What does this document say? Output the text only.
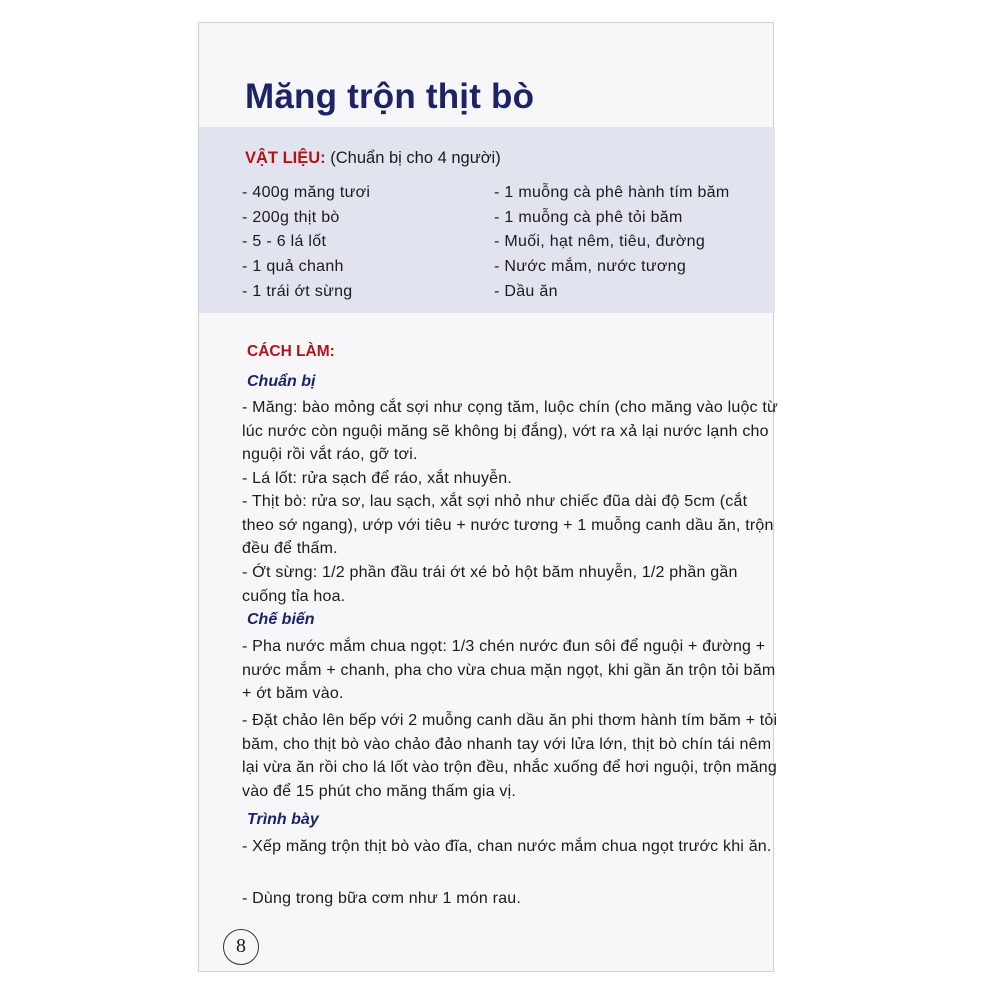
Măng trộn thịt bò
VẬT LIỆU: (Chuẩn bị cho 4 người)
- 400g măng tươi
- 200g thịt bò
- 5 - 6 lá lốt
- 1 quả chanh
- 1 trái ớt sừng
- 1 muỗng cà phê hành tím băm
- 1 muỗng cà phê tỏi băm
- Muối, hạt nêm, tiêu, đường
- Nước mắm, nước tương
- Dầu ăn
CÁCH LÀM:
Chuẩn bị

- Măng: bào mỏng cắt sợi như cọng tăm, luộc chín (cho măng vào luộc từ lúc nước còn nguội măng sẽ không bị đắng), vớt ra xả lại nước lạnh cho nguội rồi vắt ráo, gỡ tơi.

- Lá lốt: rửa sạch để ráo, xắt nhuyễn.

- Thịt bò: rửa sơ, lau sạch, xắt sợi nhỏ như chiếc đũa dài độ 5cm (cắt theo sớ ngang), ướp với tiêu + nước tương + 1 muỗng canh dầu ăn, trộn đều để thấm.

- Ớt sừng: 1/2 phần đầu trái ớt xé bỏ hột băm nhuyễn, 1/2 phần gần cuống tỉa hoa.

Chế biến

- Pha nước mắm chua ngọt: 1/3 chén nước đun sôi để nguội + đường + nước mắm + chanh, pha cho vừa chua mặn ngọt, khi gần ăn trộn tỏi băm + ớt băm vào.

- Đặt chảo lên bếp với 2 muỗng canh dầu ăn phi thơm hành tím băm + tỏi băm, cho thịt bò vào chảo đảo nhanh tay với lửa lớn, thịt bò chín tái nêm lại vừa ăn rồi cho lá lốt vào trộn đều, nhắc xuống để hơi nguội, trộn măng vào để 15 phút cho măng thấm gia vị.

Trình bày

- Xếp măng trộn thịt bò vào đĩa, chan nước mắm chua ngọt trước khi ăn.

- Dùng trong bữa cơm như 1 món rau.

8
